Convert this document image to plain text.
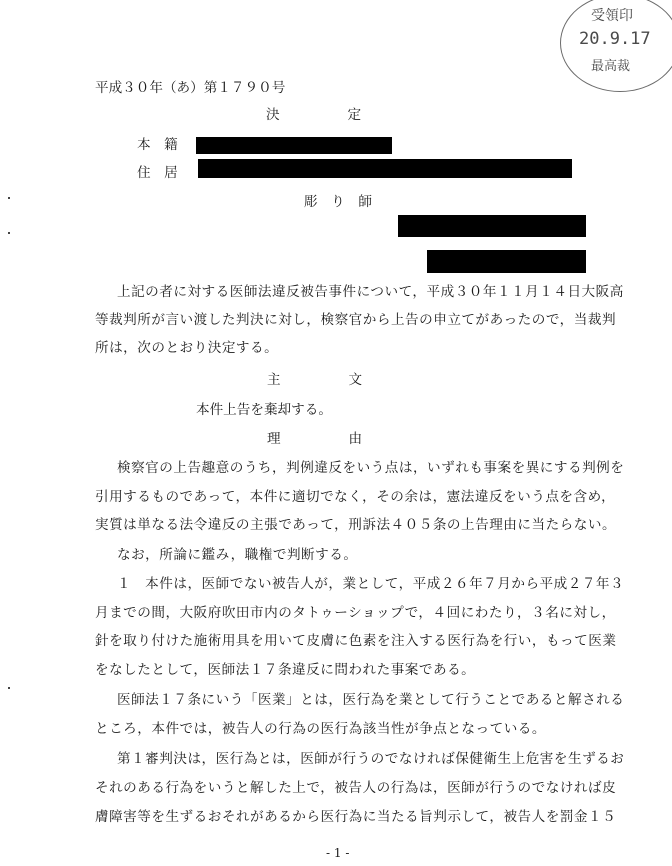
受領印
20.9.17
最高裁
平成３０年（あ）第１７９０号
決　　　　　定
本　籍
住　居
彫　り　師
上記の者に対する医師法違反被告事件について，平成３０年１１月１４日大阪高
等裁判所が言い渡した判決に対し，検察官から上告の申立てがあったので，当裁判
所は，次のとおり決定する。
主　　　　　文
本件上告を棄却する。
理　　　　　由
検察官の上告趣意のうち，判例違反をいう点は，いずれも事案を異にする判例を
引用するものであって，本件に適切でなく，その余は，憲法違反をいう点を含め，
実質は単なる法令違反の主張であって，刑訴法４０５条の上告理由に当たらない。
なお，所論に鑑み，職権で判断する。
１　本件は，医師でない被告人が，業として，平成２６年７月から平成２７年３
月までの間，大阪府吹田市内のタトゥーショップで，４回にわたり，３名に対し，
針を取り付けた施術用具を用いて皮膚に色素を注入する医行為を行い，もって医業
をなしたとして，医師法１７条違反に問われた事案である。
医師法１７条にいう「医業」とは，医行為を業として行うことであると解される
ところ，本件では，被告人の行為の医行為該当性が争点となっている。
第１審判決は，医行為とは，医師が行うのでなければ保健衛生上危害を生ずるお
それのある行為をいうと解した上で，被告人の行為は，医師が行うのでなければ皮
膚障害等を生ずるおそれがあるから医行為に当たる旨判示して，被告人を罰金１５
- 1 -
